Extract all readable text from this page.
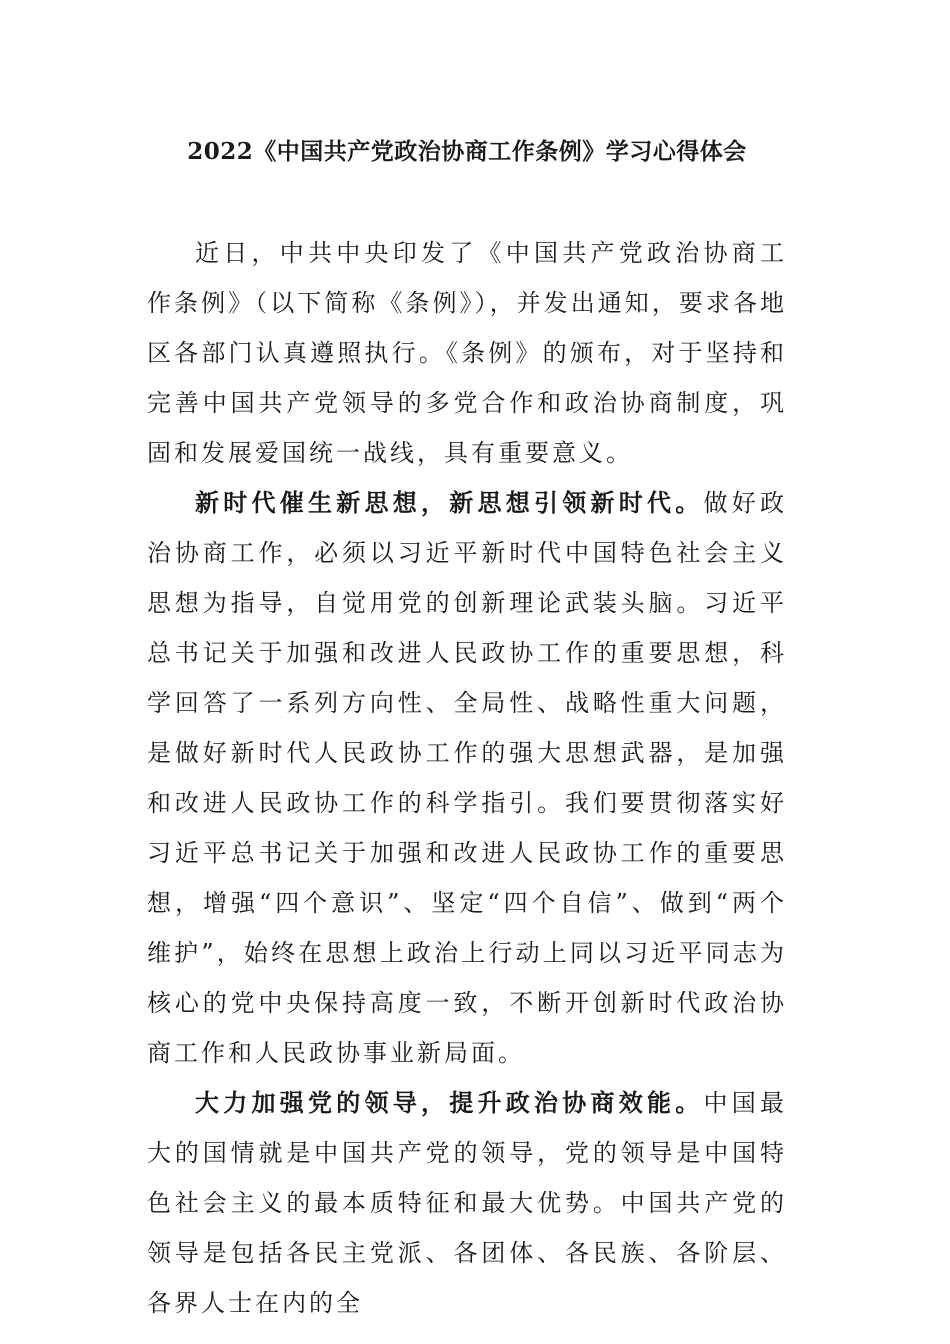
2022《中国共产党政治协商工作条例》学习心得体会

近日，中共中央印发了《中国共产党政治协商工作条例》（以下简称《条例》），并发出通知，要求各地区各部门认真遵照执行。《条例》的颁布，对于坚持和完善中国共产党领导的多党合作和政治协商制度，巩固和发展爱国统一战线，具有重要意义。

新时代催生新思想，新思想引领新时代。做好政治协商工作，必须以习近平新时代中国特色社会主义思想为指导，自觉用党的创新理论武装头脑。习近平总书记关于加强和改进人民政协工作的重要思想，科学回答了一系列方向性、全局性、战略性重大问题，是做好新时代人民政协工作的强大思想武器，是加强和改进人民政协工作的科学指引。我们要贯彻落实好习近平总书记关于加强和改进人民政协工作的重要思想，增强“四个意识”、坚定“四个自信”、做到“两个维护”，始终在思想上政治上行动上同以习近平同志为核心的党中央保持高度一致，不断开创新时代政治协商工作和人民政协事业新局面。

大力加强党的领导，提升政治协商效能。中国最大的国情就是中国共产党的领导，党的领导是中国特色社会主义的最本质特征和最大优势。中国共产党的领导是包括各民主党派、各团体、各民族、各阶层、各界人士在内的全
